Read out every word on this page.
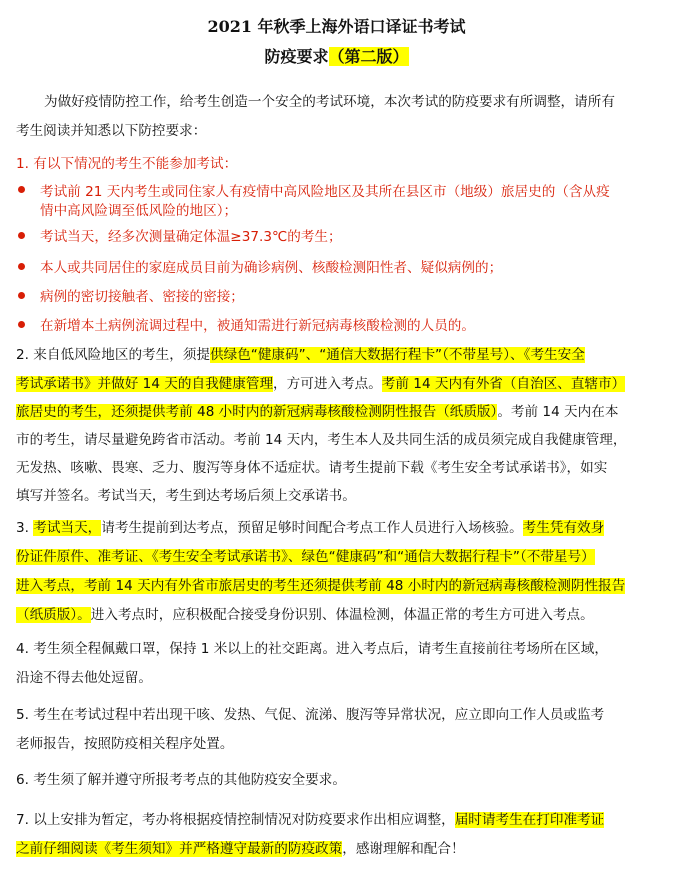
2021 年秋季上海外语口译证书考试
防疫要求（第二版）
为做好疫情防控工作，给考生创造一个安全的考试环境，本次考试的防疫要求有所调整，请所有
考生阅读并知悉以下防控要求：
1. 有以下情况的考生不能参加考试：
考试前 21 天内考生或同住家人有疫情中高风险地区及其所在县区市（地级）旅居史的（含从疫
情中高风险调至低风险的地区）；
考试当天，经多次测量确定体温≥37.3℃的考生；
本人或共同居住的家庭成员目前为确诊病例、核酸检测阳性者、疑似病例的；
病例的密切接触者、密接的密接；
在新增本土病例流调过程中，被通知需进行新冠病毒核酸检测的人员的。
2. 来自低风险地区的考生，须提供绿色“健康码”、“通信大数据行程卡”（不带星号）、《考生安全
考试承诺书》并做好 14 天的自我健康管理，方可进入考点。考前 14 天内有外省（自治区、直辖市）
旅居史的考生，还须提供考前 48 小时内的新冠病毒核酸检测阴性报告（纸质版）。考前 14 天内在本
市的考生，请尽量避免跨省市活动。考前 14 天内，考生本人及共同生活的成员须完成自我健康管理，
无发热、咳嗽、畏寒、乏力、腹泻等身体不适症状。请考生提前下载《考生安全考试承诺书》，如实
填写并签名。考试当天，考生到达考场后须上交承诺书。
3. 考试当天，请考生提前到达考点，预留足够时间配合考点工作人员进行入场核验。考生凭有效身
份证件原件、准考证、《考生安全考试承诺书》、绿色“健康码”和“通信大数据行程卡”（不带星号）
进入考点，考前 14 天内有外省市旅居史的考生还须提供考前 48 小时内的新冠病毒核酸检测阴性报告
（纸质版）。进入考点时，应积极配合接受身份识别、体温检测，体温正常的考生方可进入考点。
4. 考生须全程佩戴口罩，保持 1 米以上的社交距离。进入考点后，请考生直接前往考场所在区域，
沿途不得去他处逗留。
5. 考生在考试过程中若出现干咳、发热、气促、流涕、腹泻等异常状况，应立即向工作人员或监考
老师报告，按照防疫相关程序处置。
6. 考生须了解并遵守所报考考点的其他防疫安全要求。
7. 以上安排为暂定，考办将根据疫情控制情况对防疫要求作出相应调整，届时请考生在打印准考证
之前仔细阅读《考生须知》并严格遵守最新的防疫政策，感谢理解和配合！
